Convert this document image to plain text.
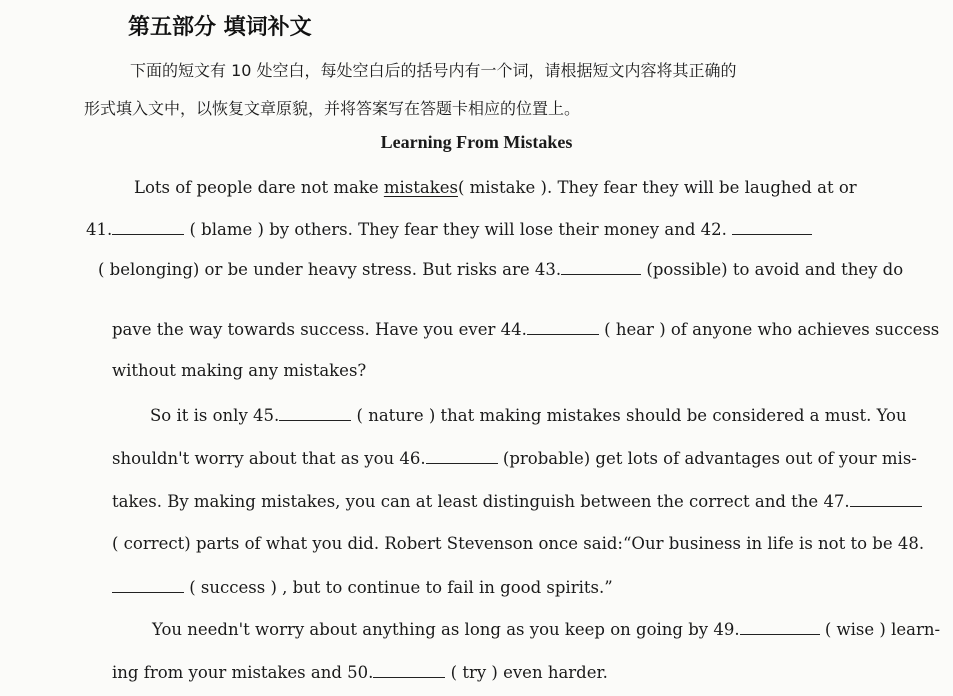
第五部分 填词补文
下面的短文有 10 处空白，每处空白后的括号内有一个词，请根据短文内容将其正确的
形式填入文中，以恢复文章原貌，并将答案写在答题卡相应的位置上。
Learning From Mistakes
Lots of people dare not make mistakes( mistake ). They fear they will be laughed at or
41.	( blame ) by others. They fear they will lose their money and 42.
( belonging) or be under heavy stress. But risks are 43.	(possible) to avoid and they do
pave the way towards success. Have you ever 44.	( hear ) of anyone who achieves success
without making any mistakes?
So it is only 45.	( nature ) that making mistakes should be considered a must. You
shouldn't worry about that as you 46.	(probable) get lots of advantages out of your mis-
takes. By making mistakes, you can at least distinguish between the correct and the 47.
( correct) parts of what you did. Robert Stevenson once said:“Our business in life is not to be 48.
( success ) , but to continue to fail in good spirits.”
You needn't worry about anything as long as you keep on going by 49.	( wise ) learn-
ing from your mistakes and 50.	( try ) even harder.
